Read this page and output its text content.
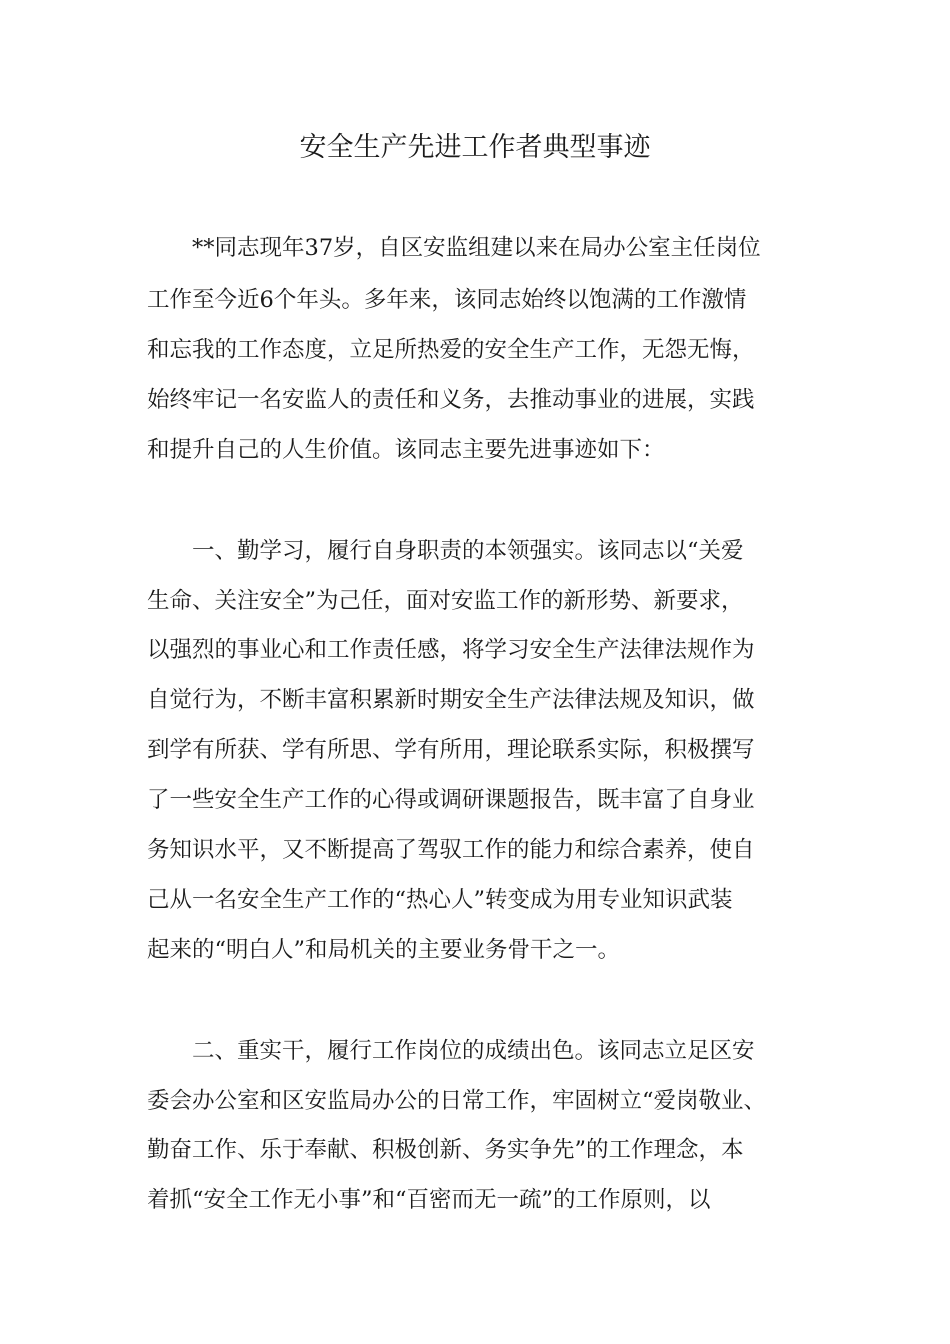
安全生产先进工作者典型事迹
**同志现年37岁，自区安监组建以来在局办公室主任岗位
工作至今近6个年头。多年来，该同志始终以饱满的工作激情
和忘我的工作态度，立足所热爱的安全生产工作，无怨无悔，
始终牢记一名安监人的责任和义务，去推动事业的进展，实践
和提升自己的人生价值。该同志主要先进事迹如下：
一、勤学习，履行自身职责的本领强实。该同志以“关爱
生命、关注安全”为己任，面对安监工作的新形势、新要求，
以强烈的事业心和工作责任感，将学习安全生产法律法规作为
自觉行为，不断丰富积累新时期安全生产法律法规及知识，做
到学有所获、学有所思、学有所用，理论联系实际，积极撰写
了一些安全生产工作的心得或调研课题报告，既丰富了自身业
务知识水平，又不断提高了驾驭工作的能力和综合素养，使自
己从一名安全生产工作的“热心人”转变成为用专业知识武装
起来的“明白人”和局机关的主要业务骨干之一。
二、重实干，履行工作岗位的成绩出色。该同志立足区安
委会办公室和区安监局办公的日常工作，牢固树立“爱岗敬业、
勤奋工作、乐于奉献、积极创新、务实争先”的工作理念，本
着抓“安全工作无小事”和“百密而无一疏”的工作原则，以
